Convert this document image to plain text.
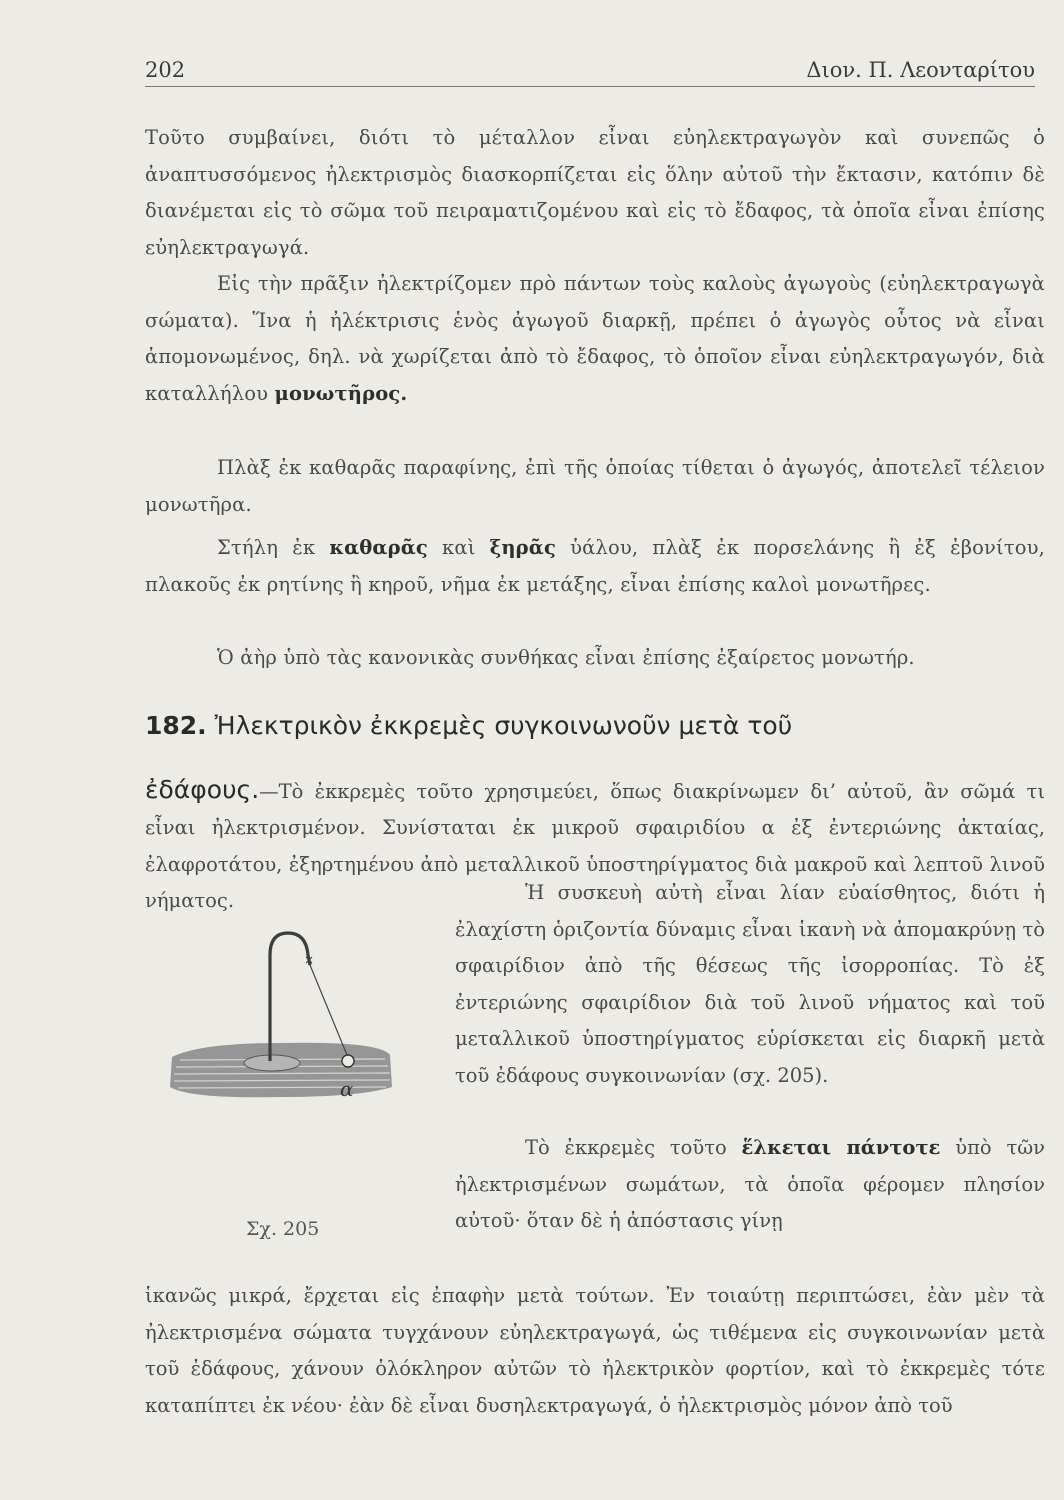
202	Διον. Π. Λεονταρίτου

Τοῦτο συμβαίνει, διότι τὸ μέταλλον εἶναι εὐηλεκτραγωγὸν καὶ συνεπῶς ὁ ἀναπτυσσόμενος ἠλεκτρισμὸς διασκορπίζεται εἰς ὅλην αὐτοῦ τὴν ἔκτασιν, κατόπιν δὲ διανέμεται εἰς τὸ σῶμα τοῦ πειραματιζομένου καὶ εἰς τὸ ἔδαφος, τὰ ὁποῖα εἶναι ἐπίσης εὐηλεκτραγωγά.

Εἰς τὴν πρᾶξιν ἠλεκτρίζομεν πρὸ πάντων τοὺς καλοὺς ἀγωγοὺς (εὐηλεκτραγωγὰ σώματα). Ἵνα ἡ ἠλέκτρισις ἑνὸς ἀγωγοῦ διαρκῇ, πρέπει ὁ ἀγωγὸς οὗτος νὰ εἶναι ἀπομονωμένος, δηλ. νὰ χωρίζεται ἀπὸ τὸ ἔδαφος, τὸ ὁποῖον εἶναι εὐηλεκτραγωγόν, διὰ καταλλήλου μονωτῆρος.

Πλὰξ ἐκ καθαρᾶς παραφίνης, ἐπὶ τῆς ὁποίας τίθεται ὁ ἀγωγός, ἀποτελεῖ τέλειον μονωτῆρα.

Στήλη ἐκ καθαρᾶς καὶ ξηρᾶς ὑάλου, πλὰξ ἐκ πορσελάνης ἢ ἐξ ἐβονίτου, πλακοῦς ἐκ ρητίνης ἢ κηροῦ, νῆμα ἐκ μετάξης, εἶναι ἐπίσης καλοὶ μονωτῆρες.

Ὁ ἀὴρ ὑπὸ τὰς κανονικὰς συνθήκας εἶναι ἐπίσης ἐξαίρετος μονωτήρ.

182. Ἠλεκτρικὸν ἐκκρεμὲς συγκοινωνοῦν μετὰ τοῦ

ἐδάφους.—Τὸ ἐκκρεμὲς τοῦτο χρησιμεύει, ὅπως διακρίνωμεν δι’ αὐτοῦ, ἂν σῶμά τι εἶναι ἠλεκτρισμένον. Συνίσταται ἐκ μικροῦ σφαιριδίου α ἐξ ἐντεριώνης ἀκταίας, ἐλαφροτάτου, ἐξηρτημένου ἀπὸ μεταλλικοῦ ὑποστηρίγματος διὰ μακροῦ καὶ λεπτοῦ λινοῦ νήματος.	Ἡ συσκευὴ αὐτὴ εἶναι λίαν εὐαίσθητος, διότι ἡ ἐλαχίστη ὁριζοντία δύναμις εἶναι ἱκανὴ νὰ ἀπομακρύνῃ τὸ σφαιρίδιον ἀπὸ τῆς θέσεως τῆς ἰσορροπίας. Τὸ ἐξ ἐντεριώνης σφαιρίδιον διὰ τοῦ λινοῦ νήματος καὶ τοῦ μεταλλικοῦ ὑποστηρίγματος εὑρίσκεται εἰς διαρκῆ μετὰ τοῦ ἐδάφους συγκοινωνίαν (σχ. 205).

Τὸ ἐκκρεμὲς τοῦτο ἕλκεται πάντοτε ὑπὸ τῶν ἠλεκτρισμένων σωμάτων, τὰ ὁποῖα φέρομεν πλησίον αὐτοῦ· ὅταν δὲ ἡ ἀπόστασις γίνῃ

α
Σχ. 205

ἱκανῶς μικρά, ἔρχεται εἰς ἐπαφὴν μετὰ τούτων. Ἐν τοιαύτῃ περιπτώσει, ἐὰν μὲν τὰ ἠλεκτρισμένα σώματα τυγχάνουν εὐηλεκτραγωγά, ὡς τιθέμενα εἰς συγκοινωνίαν μετὰ τοῦ ἐδάφους, χάνουν ὁλόκληρον αὐτῶν τὸ ἠλεκτρικὸν φορτίον, καὶ τὸ ἐκκρεμὲς τότε καταπίπτει ἐκ νέου· ἐὰν δὲ εἶναι δυσηλεκτραγωγά, ὁ ἠλεκτρισμὸς μόνον ἀπὸ τοῦ
